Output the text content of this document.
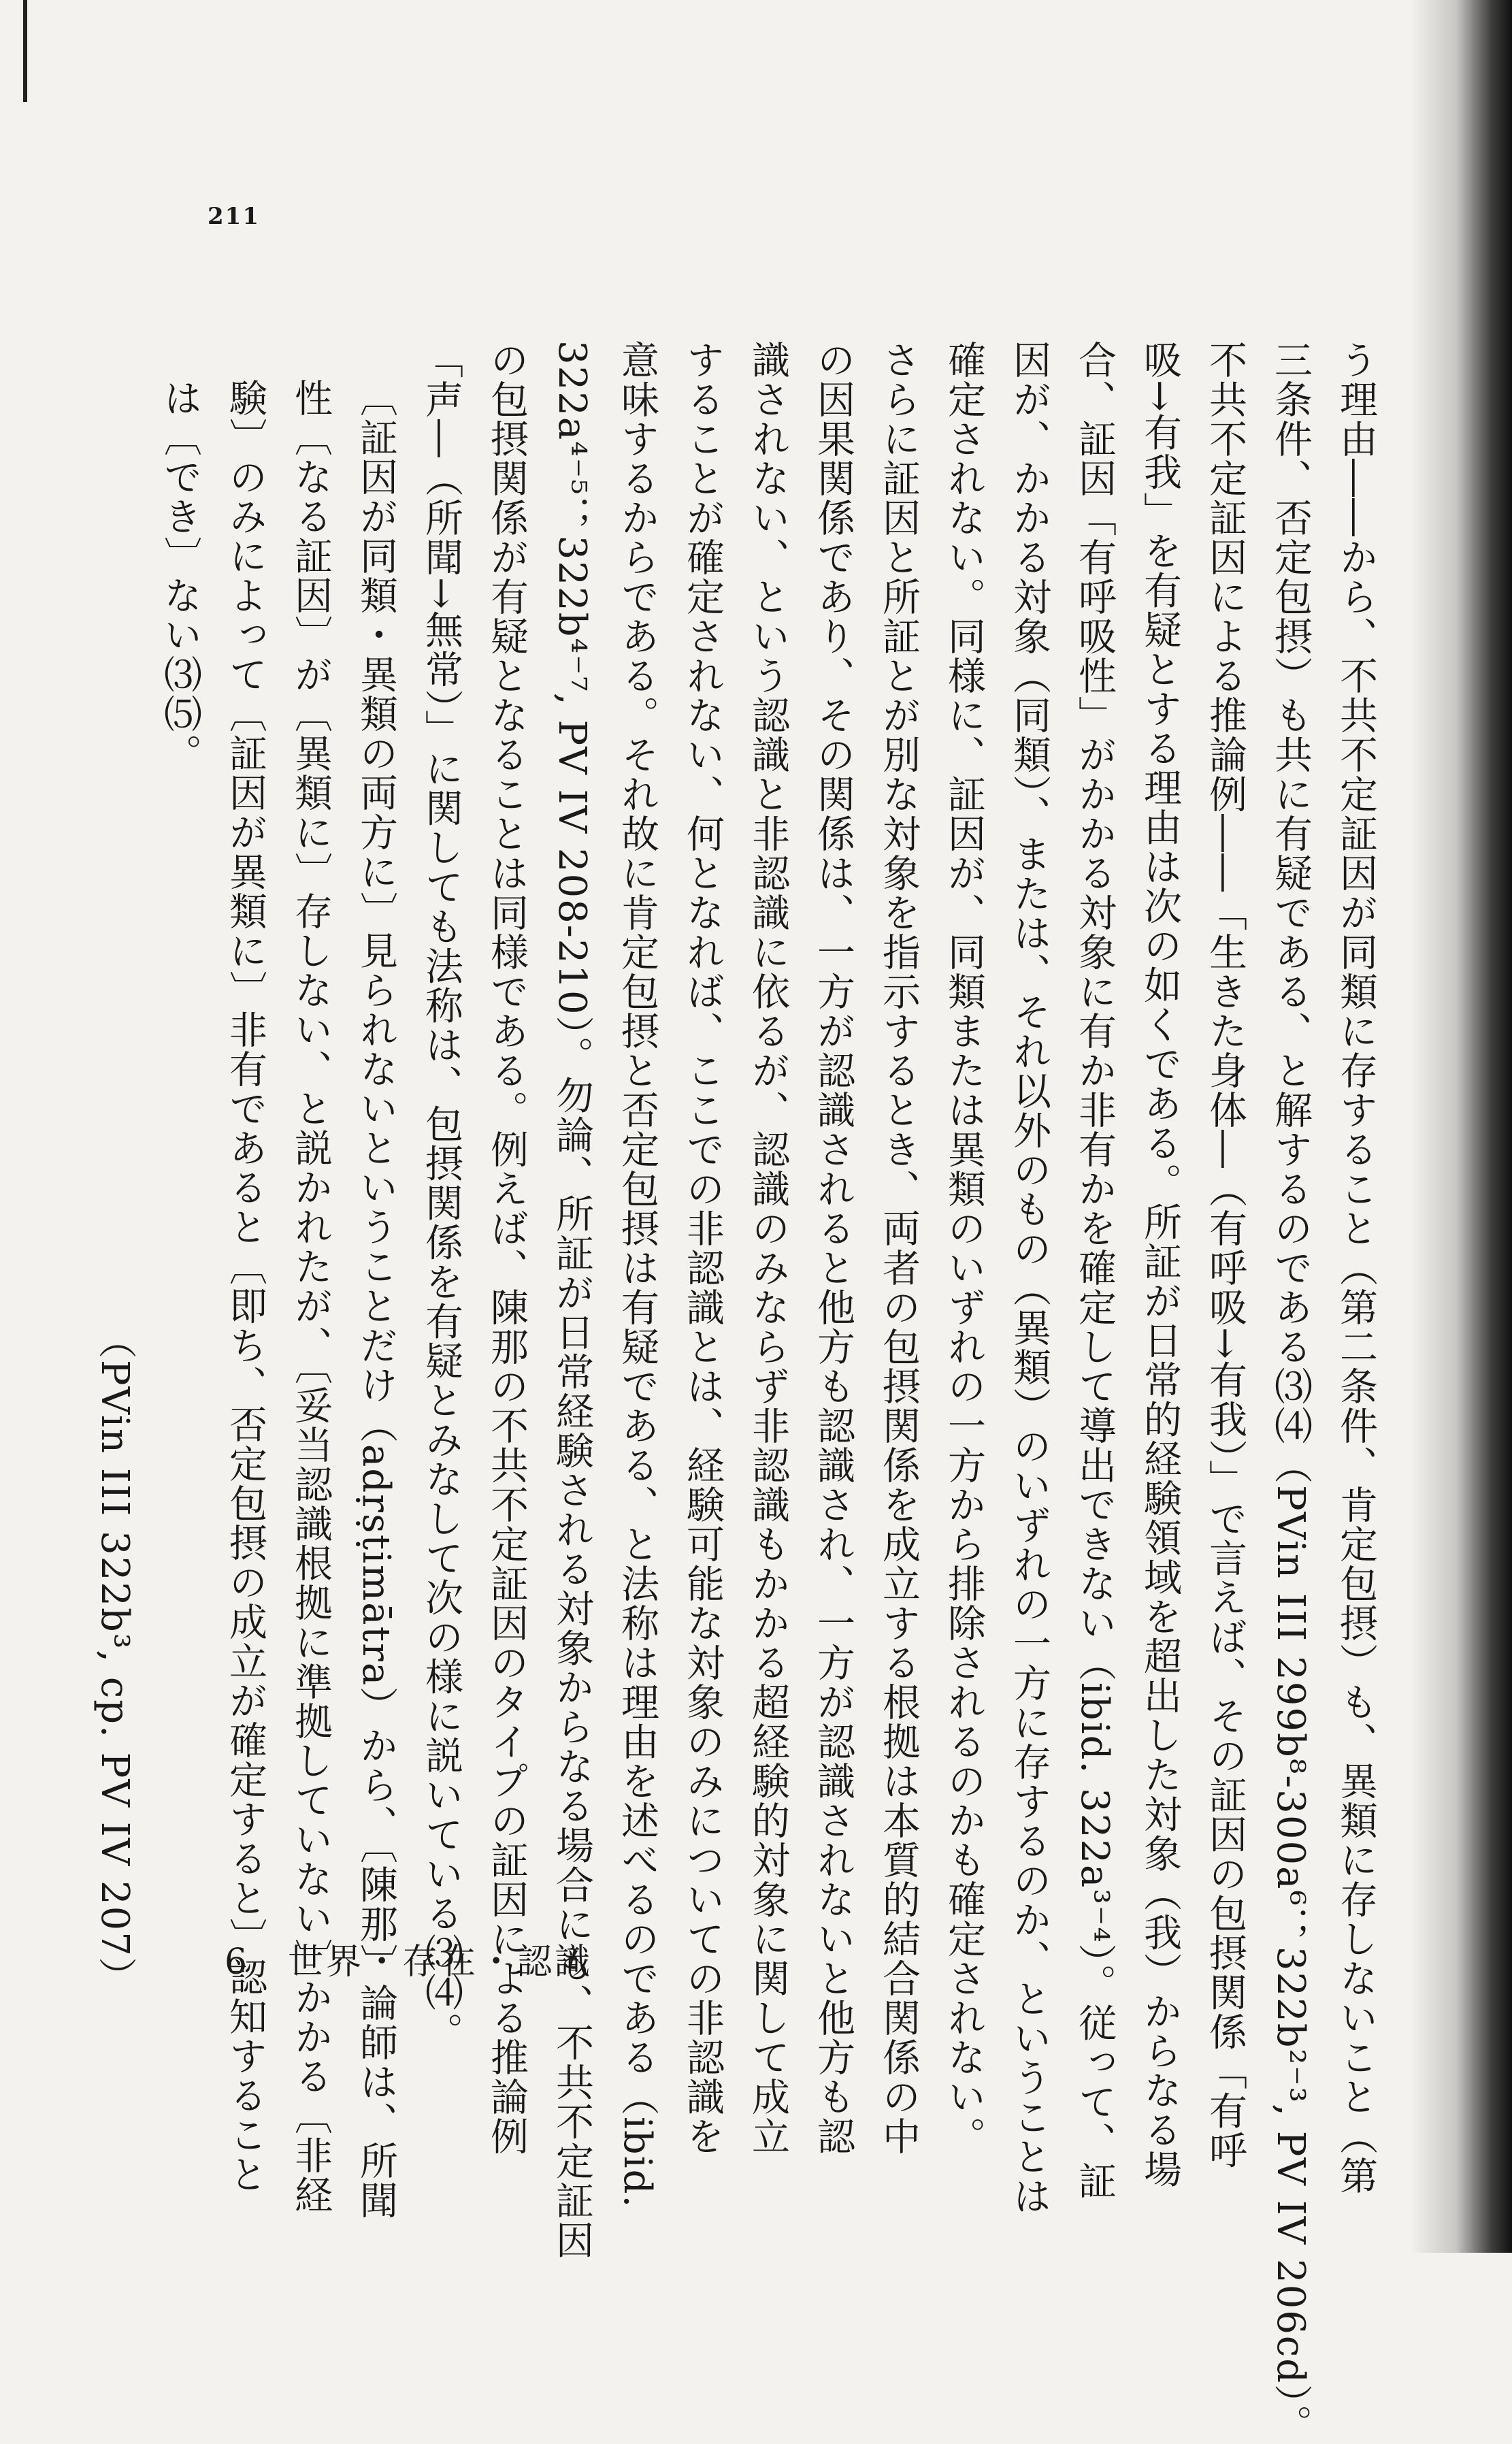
211
う理由――から、不共不定証因が同類に存すること（第二条件、肯定包摂）も、異類に存しないこと（第
三条件、否定包摂）も共に有疑である、と解するのである⑶⑷（PVin III 299b⁸-300a⁶；322b²⁻³, PV IV 206cd）。
不共不定証因による推論例――「生きた身体―（有呼吸→有我）」で言えば、その証因の包摂関係「有呼
吸→有我」を有疑とする理由は次の如くである。所証が日常的経験領域を超出した対象（我）からなる場
合、証因「有呼吸性」がかかる対象に有か非有かを確定して導出できない（ibid. 322a³⁻⁴）。従って、証
因が、かかる対象（同類）、または、それ以外のもの（異類）のいずれの一方に存するのか、ということは
確定されない。同様に、証因が、同類または異類のいずれの一方から排除されるのかも確定されない。
さらに証因と所証とが別な対象を指示するとき、両者の包摂関係を成立する根拠は本質的結合関係の中
の因果関係であり、その関係は、一方が認識されると他方も認識され、一方が認識されないと他方も認
識されない、という認識と非認識に依るが、認識のみならず非認識もかかる超経験的対象に関して成立
することが確定されない、何となれば、ここでの非認識とは、経験可能な対象のみについての非認識を
意味するからである。それ故に肯定包摂と否定包摂は有疑である、と法称は理由を述べるのである（ibid.
322a⁴⁻⁵；322b⁴⁻⁷, PV IV 208-210）。勿論、所証が日常経験される対象からなる場合にも、不共不定証因
の包摂関係が有疑となることは同様である。例えば、陳那の不共不定証因のタイプの証因による推論例
「声―（所聞→無常）」に関しても法称は、包摂関係を有疑とみなして次の様に説いている⑶⑷。
〔証因が同類・異類の両方に〕見られないということだけ（adṛṣṭimātra）から、〔陳那〕論師は、所聞
性〔なる証因〕が〔異類に〕存しない、と説かれたが、〔妥当認識根拠に準拠していない〕かかる〔非経
験〕のみによって〔証因が異類に〕非有であると〔即ち、否定包摂の成立が確定すると〕認知すること
は〔でき〕ない⑶⑸。
（PVin III 322b³, cp. PV IV 207） 6　世界・存在・認識
